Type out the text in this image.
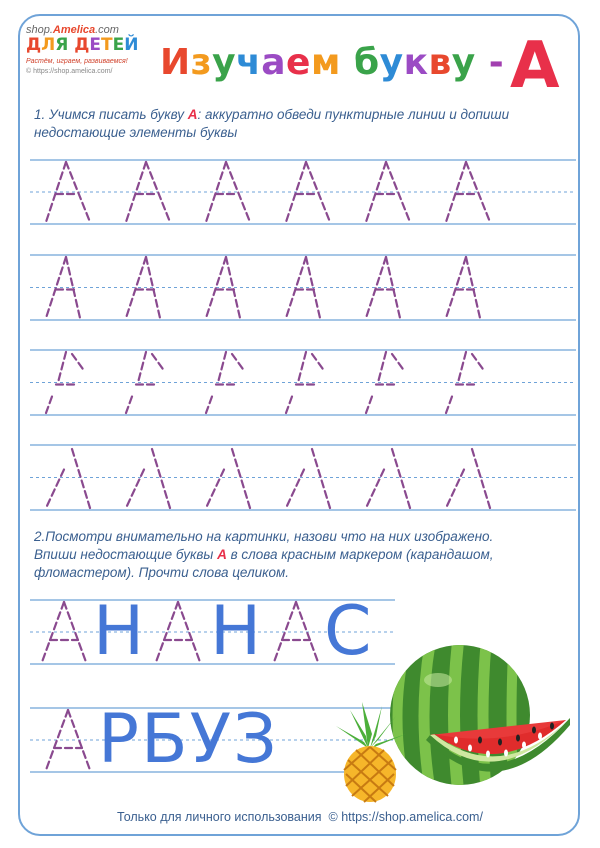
shop.Amelica.com
ДЛЯ ДЕТЕЙ
Растём, играем, развиваемся!
© https://shop.amelica.com/ Изучаем букву - А
1. Учимся писать букву А: аккуратно обведи пунктирные линии и допиши недостающие элементы буквы
2.Посмотри внимательно на картинки, назови что на них изображено.
Впиши недостающие буквы А в слова красным маркером (карандашом,
фломастером). Прочти слова целиком.
Н Н С
РБУЗ
Только для личного использования © https://shop.amelica.com/
